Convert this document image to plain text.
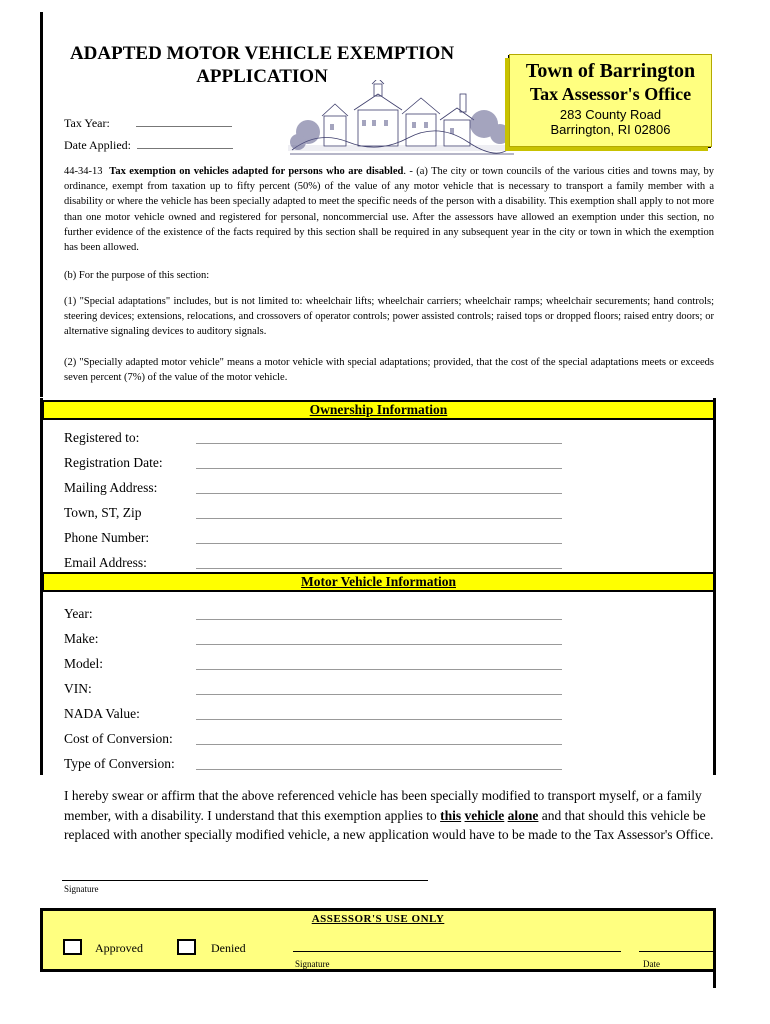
ADAPTED MOTOR VEHICLE EXEMPTION
APPLICATION	Town of Barrington
Tax Assessor's Office
283 County Road
Barrington, RI 02806
Tax Year:
Date Applied:
44-34-13 Tax exemption on vehicles adapted for persons who are disabled. - (a) The city or town councils of the various cities and towns may, by ordinance, exempt from taxation up to fifty percent (50%) of the value of any motor vehicle that is necessary to transport a family member with a disability or where the vehicle has been specially adapted to meet the specific needs of the person with a disability. This exemption shall apply to not more than one motor vehicle owned and registered for personal, noncommercial use. After the assessors have allowed an exemption under this section, no further evidence of the existence of the facts required by this section shall be required in any subsequent year in the city or town in which the exemption has been allowed.
(b) For the purpose of this section:
(1) "Special adaptations" includes, but is not limited to: wheelchair lifts; wheelchair carriers; wheelchair ramps; wheelchair securements; hand controls; steering devices; extensions, relocations, and crossovers of operator controls; power assisted controls; raised tops or dropped floors; raised entry doors; or alternative signaling devices to auditory signals.
(2) "Specially adapted motor vehicle" means a motor vehicle with special adaptations; provided, that the cost of the special adaptations meets or exceeds seven percent (7%) of the value of the motor vehicle.
Ownership Information
Registered to:
Registration Date:
Mailing Address:
Town, ST, Zip
Phone Number:
Email Address:
Motor Vehicle Information
Year:
Make:
Model:
VIN:
NADA Value:
Cost of Conversion:
Type of Conversion:
I hereby swear or affirm that the above referenced vehicle has been specially modified to transport myself, or a family member, with a disability. I understand that this exemption applies to this vehicle alone and that should this vehicle be replaced with another specially modified vehicle, a new application would have to be made to the Tax Assessor's Office.
Signature
ASSESSOR'S USE ONLY
Approved	Denied
Signature	Date
